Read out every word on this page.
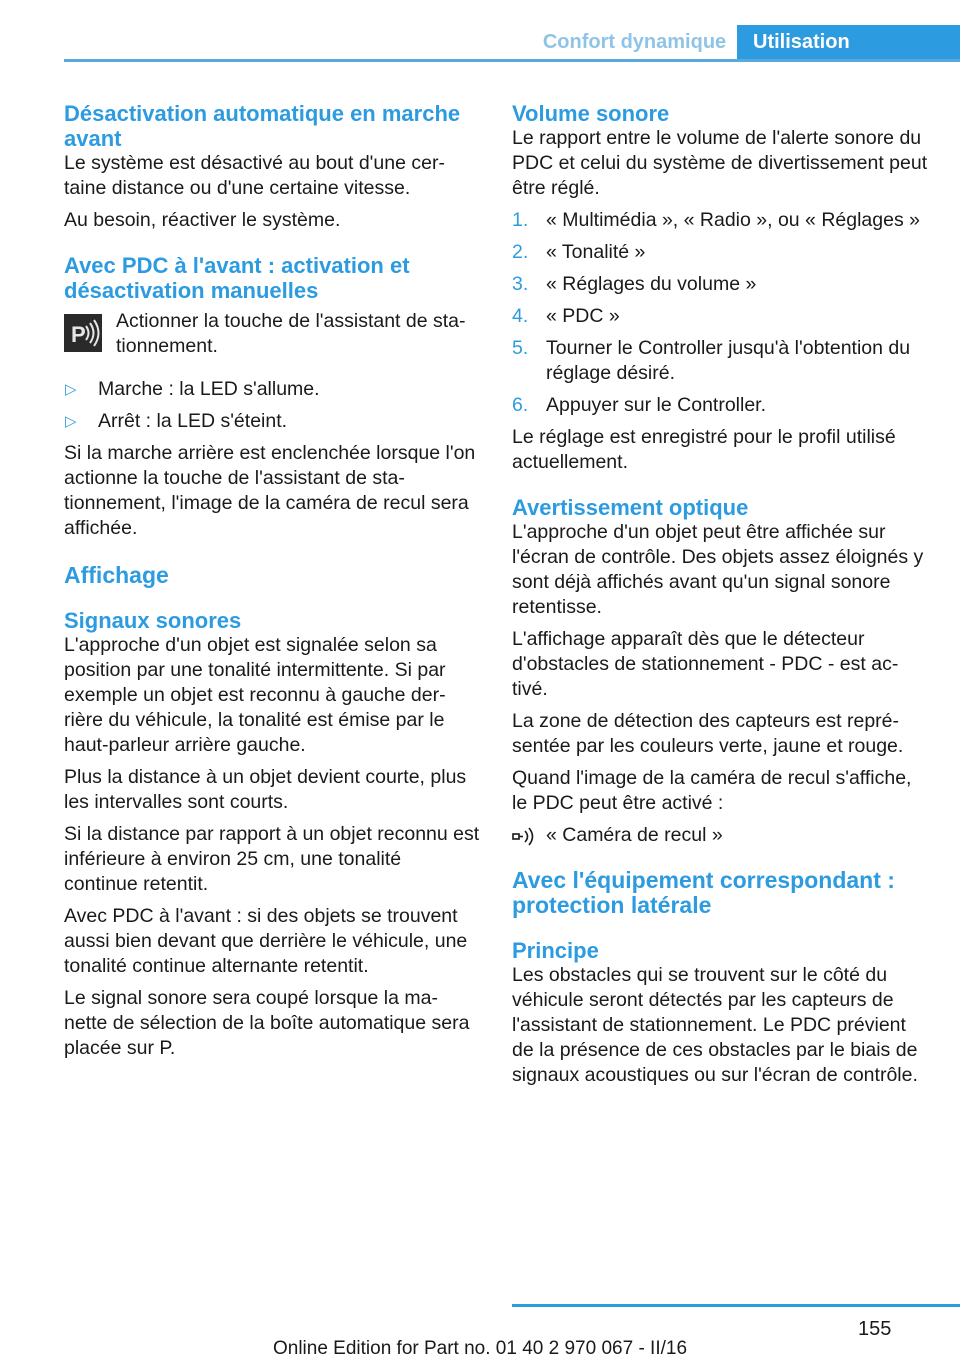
Confort dynamique	Utilisation
Désactivation automatique en marche avant

Le système est désactivé au bout d'une cer-taine distance ou d'une certaine vitesse.

Au besoin, réactiver le système.

Avec PDC à l'avant : activation et désactivation manuelles
P
Actionner la touche de l'assistant de sta-tionnement.
▷ Marche : la LED s'allume.
▷ Arrêt : la LED s'éteint.

Si la marche arrière est enclenchée lorsque l'on actionne la touche de l'assistant de sta-tionnement, l'image de la caméra de recul sera affichée.

Affichage
Signaux sonores

L'approche d'un objet est signalée selon sa position par une tonalité intermittente. Si par exemple un objet est reconnu à gauche der-rière du véhicule, la tonalité est émise par le haut-parleur arrière gauche.

Plus la distance à un objet devient courte, plus les intervalles sont courts.

Si la distance par rapport à un objet reconnu est inférieure à environ 25 cm, une tonalité continue retentit.

Avec PDC à l'avant : si des objets se trouvent aussi bien devant que derrière le véhicule, une tonalité continue alternante retentit.

Le signal sonore sera coupé lorsque la ma-nette de sélection de la boîte automatique sera placée sur P.

Volume sonore

Le rapport entre le volume de l'alerte sonore du PDC et celui du système de divertissement peut être réglé.

1. « Multimédia », « Radio », ou « Réglages »
2. « Tonalité »
3. « Réglages du volume »
4. « PDC »
5. Tourner le Controller jusqu'à l'obtention du réglage désiré.
6. Appuyer sur le Controller.

Le réglage est enregistré pour le profil utilisé actuellement.

Avertissement optique

L'approche d'un objet peut être affichée sur l'écran de contrôle. Des objets assez éloignés y sont déjà affichés avant qu'un signal sonore retentisse.

L'affichage apparaît dès que le détecteur d'obstacles de stationnement - PDC - est ac-tivé.

La zone de détection des capteurs est repré-sentée par les couleurs verte, jaune et rouge.

Quand l'image de la caméra de recul s'affiche, le PDC peut être activé :

« Caméra de recul »
Avec l'équipement correspondant : protection latérale
Principe

Les obstacles qui se trouvent sur le côté du véhicule seront détectés par les capteurs de l'assistant de stationnement. Le PDC prévient de la présence de ces obstacles par le biais de signaux acoustiques ou sur l'écran de contrôle.

155
Online Edition for Part no. 01 40 2 970 067 - II/16
